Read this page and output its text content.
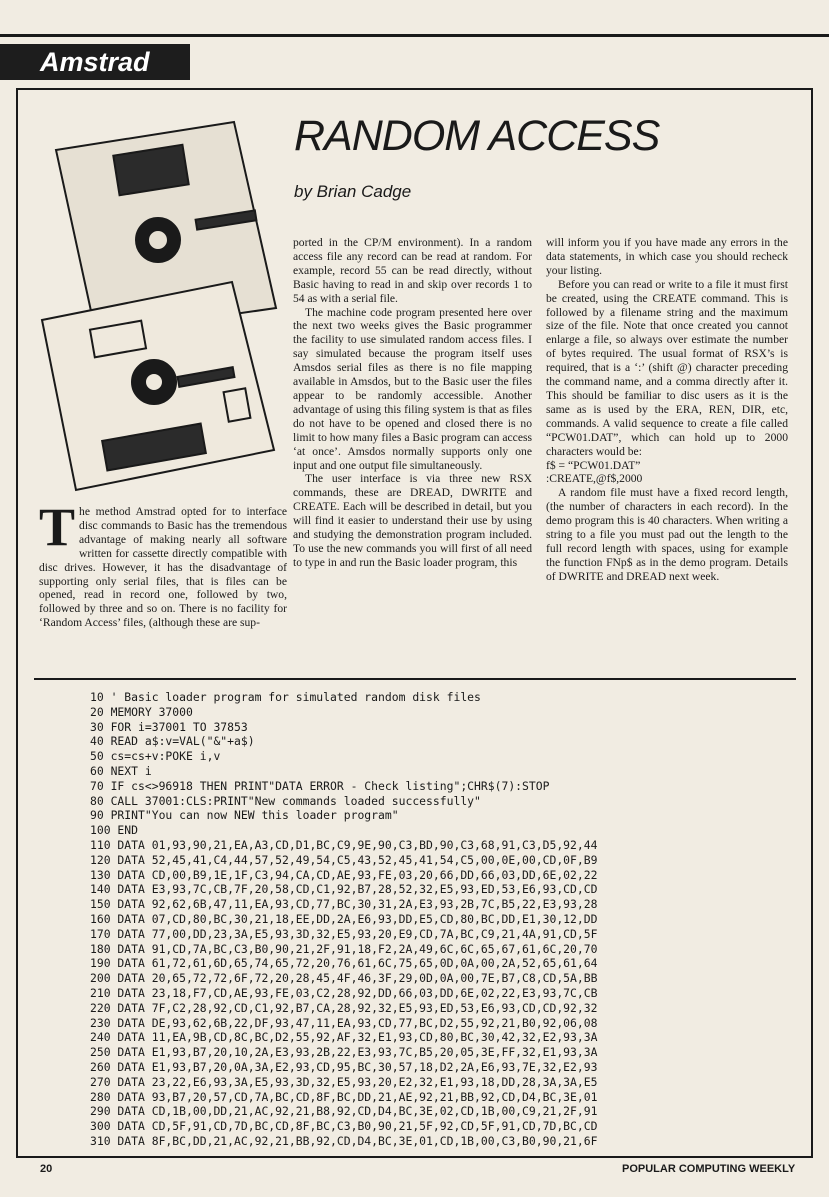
Amstrad
RANDOM ACCESS
by Brian Cadge
T he method Amstrad opted for to interface disc commands to Basic has the tremendous advantage of making nearly all software written for cassette directly compatible with disc drives. However, it has the disadvantage of supporting only serial files, that is files can be opened, read in record one, followed by two, followed by three and so on. There is no facility for ‘Random Access’ files, (although these are sup-

ported in the CP/M environment). In a random access file any record can be read at random. For example, record 55 can be read directly, without Basic having to read in and skip over records 1 to 54 as with a serial file.

The machine code program presented here over the next two weeks gives the Basic programmer the facility to use simulated random access files. I say simulated because the program itself uses Amsdos serial files as there is no file mapping available in Amsdos, but to the Basic user the files appear to be randomly accessible. Another advantage of using this filing system is that as files do not have to be opened and closed there is no limit to how many files a Basic program can access ‘at once’. Amsdos normally supports only one input and one output file simultaneously.

The user interface is via three new RSX commands, these are DREAD, DWRITE and CREATE. Each will be described in detail, but you will find it easier to understand their use by using and studying the demonstration program included. To use the new commands you will first of all need to type in and run the Basic loader program, this

will inform you if you have made any errors in the data statements, in which case you should recheck your listing.

Before you can read or write to a file it must first be created, using the CREATE command. This is followed by a filename string and the maximum size of the file. Note that once created you cannot enlarge a file, so always over estimate the number of bytes required. The usual format of RSX’s is required, that is a ‘:’ (shift @) character preceding the command name, and a comma directly after it. This should be familiar to disc users as it is the same as is used by the ERA, REN, DIR, etc, commands. A valid sequence to create a file called “PCW01.DAT”, which can hold up to 2000 characters would be:

f$ = “PCW01.DAT”

:CREATE,@f$,2000

A random file must have a fixed record length, (the number of characters in each record). In the demo program this is 40 characters. When writing a string to a file you must pad out the length to the full record length with spaces, using for example the function FNp$ as in the demo program. Details of DWRITE and DREAD next week.

10 ' Basic loader program for simulated random disk files
20 MEMORY 37000
30 FOR i=37001 TO 37853
40 READ a$:v=VAL("&"+a$)
50 cs=cs+v:POKE i,v
60 NEXT i
70 IF cs<>96918 THEN PRINT"DATA ERROR - Check listing";CHR$(7):STOP
80 CALL 37001:CLS:PRINT"New commands loaded successfully"
90 PRINT"You can now NEW this loader program"
100 END
110 DATA 01,93,90,21,EA,A3,CD,D1,BC,C9,9E,90,C3,BD,90,C3,68,91,C3,D5,92,44
120 DATA 52,45,41,C4,44,57,52,49,54,C5,43,52,45,41,54,C5,00,0E,00,CD,0F,B9
130 DATA CD,00,B9,1E,1F,C3,94,CA,CD,AE,93,FE,03,20,66,DD,66,03,DD,6E,02,22
140 DATA E3,93,7C,CB,7F,20,58,CD,C1,92,B7,28,52,32,E5,93,ED,53,E6,93,CD,CD
150 DATA 92,62,6B,47,11,EA,93,CD,77,BC,30,31,2A,E3,93,2B,7C,B5,22,E3,93,28
160 DATA 07,CD,80,BC,30,21,18,EE,DD,2A,E6,93,DD,E5,CD,80,BC,DD,E1,30,12,DD
170 DATA 77,00,DD,23,3A,E5,93,3D,32,E5,93,20,E9,CD,7A,BC,C9,21,4A,91,CD,5F
180 DATA 91,CD,7A,BC,C3,B0,90,21,2F,91,18,F2,2A,49,6C,6C,65,67,61,6C,20,70
190 DATA 61,72,61,6D,65,74,65,72,20,76,61,6C,75,65,0D,0A,00,2A,52,65,61,64
200 DATA 20,65,72,72,6F,72,20,28,45,4F,46,3F,29,0D,0A,00,7E,B7,C8,CD,5A,BB
210 DATA 23,18,F7,CD,AE,93,FE,03,C2,28,92,DD,66,03,DD,6E,02,22,E3,93,7C,CB
220 DATA 7F,C2,28,92,CD,C1,92,B7,CA,28,92,32,E5,93,ED,53,E6,93,CD,CD,92,32
230 DATA DE,93,62,6B,22,DF,93,47,11,EA,93,CD,77,BC,D2,55,92,21,B0,92,06,08
240 DATA 11,EA,9B,CD,8C,BC,D2,55,92,AF,32,E1,93,CD,80,BC,30,42,32,E2,93,3A
250 DATA E1,93,B7,20,10,2A,E3,93,2B,22,E3,93,7C,B5,20,05,3E,FF,32,E1,93,3A
260 DATA E1,93,B7,20,0A,3A,E2,93,CD,95,BC,30,57,18,D2,2A,E6,93,7E,32,E2,93
270 DATA 23,22,E6,93,3A,E5,93,3D,32,E5,93,20,E2,32,E1,93,18,DD,28,3A,3A,E5
280 DATA 93,B7,20,57,CD,7A,BC,CD,8F,BC,DD,21,AE,92,21,BB,92,CD,D4,BC,3E,01
290 DATA CD,1B,00,DD,21,AC,92,21,B8,92,CD,D4,BC,3E,02,CD,1B,00,C9,21,2F,91
300 DATA CD,5F,91,CD,7D,BC,CD,8F,BC,C3,B0,90,21,5F,92,CD,5F,91,CD,7D,BC,CD
310 DATA 8F,BC,DD,21,AC,92,21,BB,92,CD,D4,BC,3E,01,CD,1B,00,C3,B0,90,21,6F
20	POPULAR COMPUTING WEEKLY
